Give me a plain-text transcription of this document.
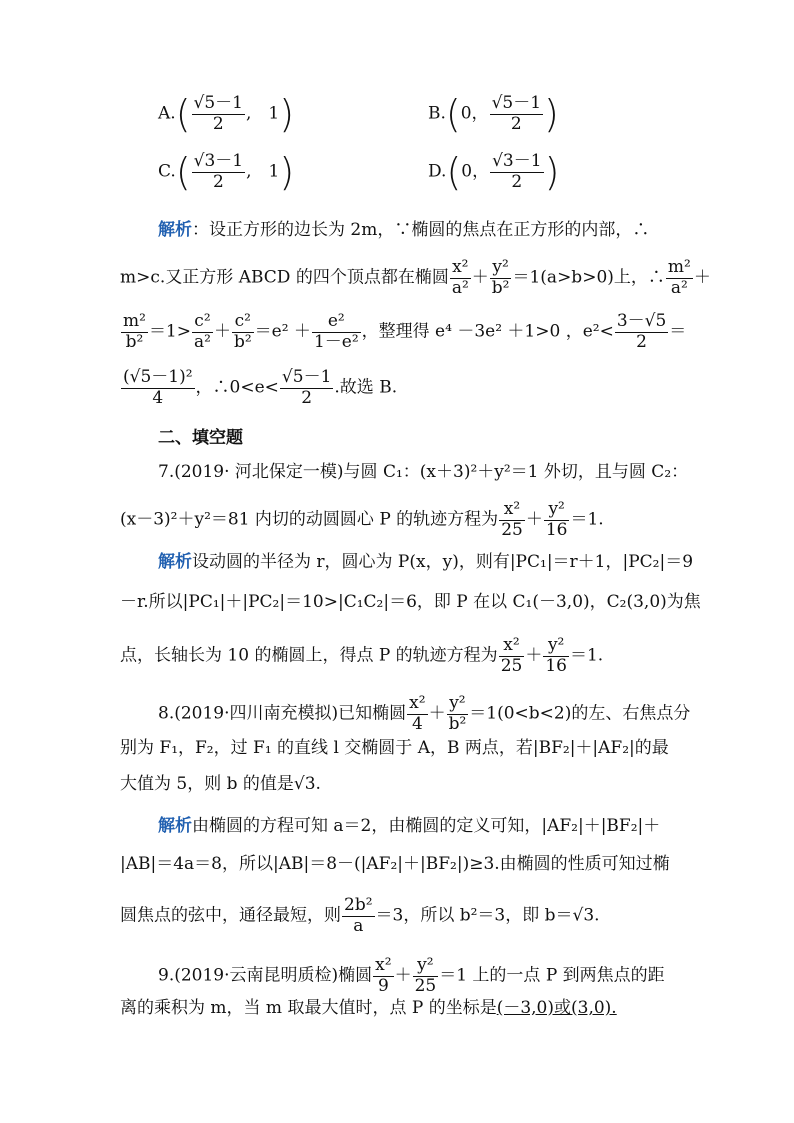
$A.( \frac{√5-1}{2}$ ,　1)	B.(0， $\frac{√5-1}{2}$ )
$C.( \frac{√3-1}{2}$ ,　1)	D.(0， $\frac{√3-1}{2}$ )
解析：设正方形的边长为 2m，∵椭圆的焦点在正方形的内部，∴
m>c.又正方形 ABCD 的四个顶点都在椭圆 $\frac{\text{x²}}{\text{a²}} + \frac{\text{y²}}{\text{b²}} =1(a>b>0)$上，∴ $\frac{\text{m²}}{\text{a²}}$ ＋
$\frac{\text{m²}}{\text{b²}} =1> \frac{\text{c²}}{\text{a²}} + \frac{\text{c²}}{\text{b²}} =e^2 + \frac{\text{e²}}{\text{1－e²}}$ ，整理得 e⁴ －3e² ＋1>0 ，$e^2< \frac{3-√5}{2}$ ＝
$\frac{\text{(√5－1)²}}{4}$ ，∴0<e< $\frac{√5-1}{2}$ .故选 B.
二、填空题
7.(2019· 河北保定一模)与圆 C₁：(x＋3)²＋y²＝1 外切，且与圆 C₂：
(x－3)²＋y²＝81 内切的动圆圆心 P 的轨迹方程为 $\frac{\text{x²}}{25} + \frac{\text{y²}}{16} =1$.
解析设动圆的半径为 r，圆心为 P(x，y)，则有|PC₁|＝r＋1，|PC₂|＝9
－r.所以|PC₁|＋|PC₂|＝10>|C₁C₂|＝6，即 P 在以 C₁(－3,0)，C₂(3,0)为焦
点，长轴长为 10 的椭圆上，得点 P 的轨迹方程为 $\frac{\text{x²}}{25} + \frac{\text{y²}}{16} =1$.
8.(2019·四川南充模拟)已知椭圆 $\frac{\text{x²}}{4} + \frac{\text{y²}}{\text{b²}} =1(0<b<2)$的左、右焦点分
别为 F₁，F₂，过 F₁ 的直线 l 交椭圆于 A，B 两点，若|BF₂|＋|AF₂|的最
大值为 5，则 b 的值是√3.
解析由椭圆的方程可知 a＝2，由椭圆的定义可知，|AF₂|＋|BF₂|＋
|AB|＝4a＝8，所以|AB|＝8－(|AF₂|＋|BF₂|)≥3.由椭圆的性质可知过椭
圆焦点的弦中，通径最短，则 $\frac{\text{2b²}}{a} =3$，所以 b²＝3，即 b＝√3.
9.(2019·云南昆明质检)椭圆 $\frac{\text{x²}}{9} + \frac{\text{y²}}{25} =1$ 上的一点 P 到两焦点的距
离的乘积为 m，当 m 取最大值时，点 P 的坐标是(－3,0)或(3,0).
